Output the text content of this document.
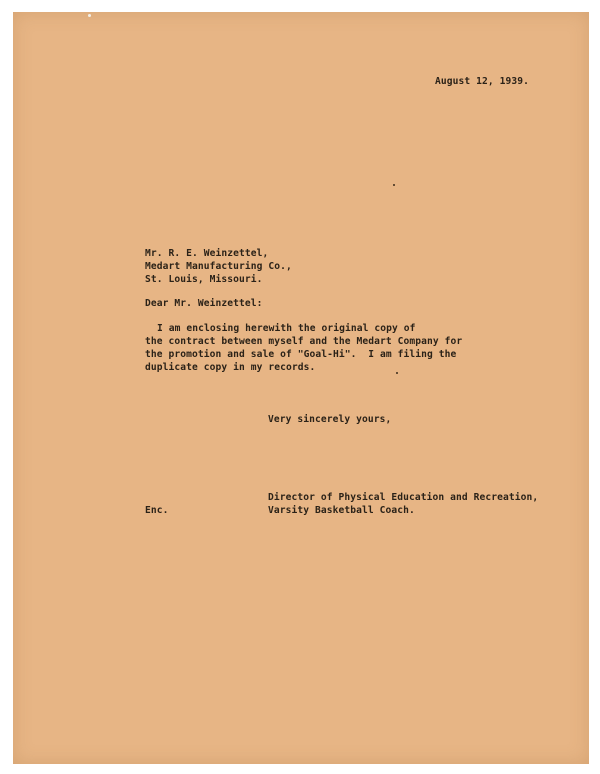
August 12, 1939.
Mr. R. E. Weinzettel,
Medart Manufacturing Co.,
St. Louis, Missouri.
Dear Mr. Weinzettel:
I am enclosing herewith the original copy of
the contract between myself and the Medart Company for
the promotion and sale of "Goal-Hi".  I am filing the
duplicate copy in my records.
Very sincerely yours,
Director of Physical Education and Recreation,
Varsity Basketball Coach.
Enc.
